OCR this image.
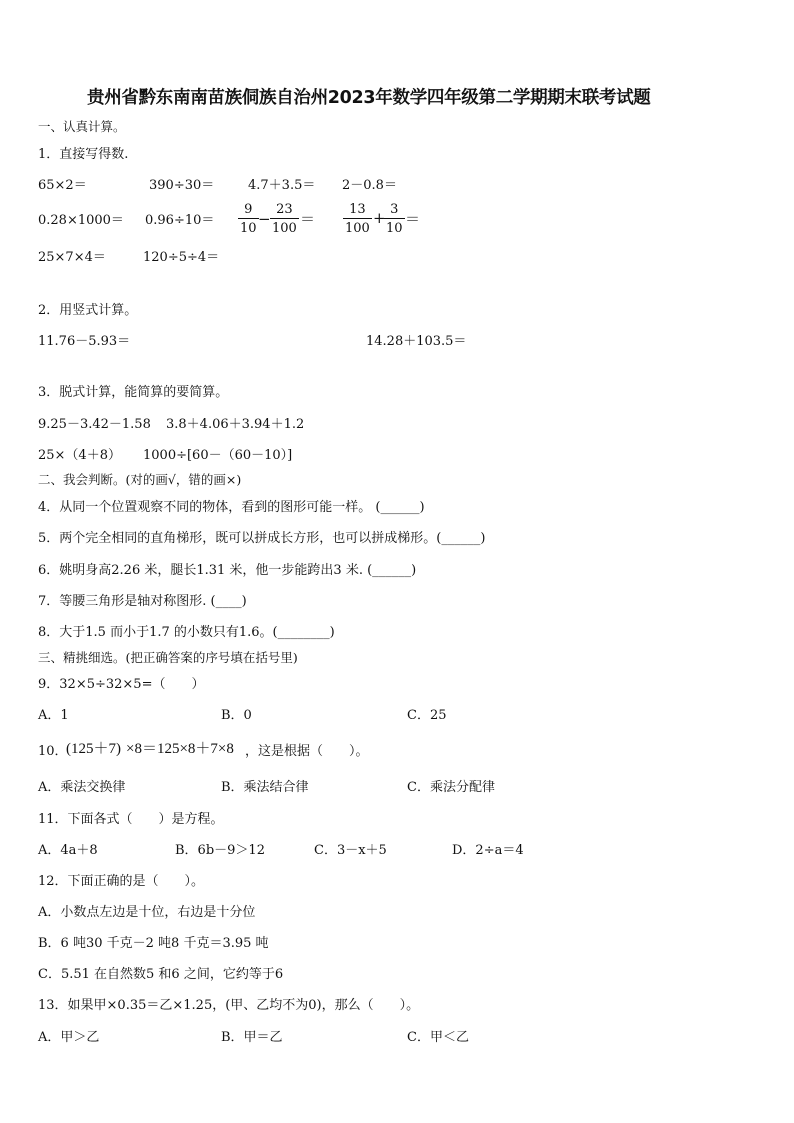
贵州省黔东南南苗族侗族自治州2023年数学四年级第二学期期末联考试题
一、认真计算。
1．直接写得数.
65×2＝	390÷30＝	4.7＋3.5＝ 2－0.8＝
$0.28\times 1000= 0.96\div 10= \frac{9}{10} - \frac{23}{100} = \frac{13}{100}$ +
$\frac{3}{10}$ ＝
25×7×4＝	120÷5÷4＝
2．用竖式计算。
11.76－5.93＝	14.28＋103.5＝
3．脱式计算，能简算的要简算。
9.25－3.42－1.58 3.8＋4.06＋3.94＋1.2
25×（4＋8） 1000÷[60－（60－10）]
二、我会判断。(对的画√，错的画×)
4．从同一个位置观察不同的物体，看到的图形可能一样。 (______)
5．两个完全相同的直角梯形，既可以拼成长方形，也可以拼成梯形。(______)
6．姚明身高2.26 米，腿长1.31 米，他一步能跨出3 米. (______)
7．等腰三角形是轴对称图形. (____)
8．大于1.5 而小于1.7 的小数只有1.6。(________)
三、精挑细选。(把正确答案的序号填在括号里)
9．32×5÷32×5=（　　）
A．1	B．0	C．25
10．
(125＋7) ×8＝125×8＋7×8 ，这是根据（　　）。
A．乘法交换律	B．乘法结合律	C．乘法分配律
11．下面各式（　　）是方程。
A．4a＋8	B．6b－9＞12	C．3－x＋5	D．2÷a＝4
12．下面正确的是（　　）。
A．小数点左边是十位，右边是十分位
B．6 吨30 千克－2 吨8 千克＝3.95 吨
C．5.51 在自然数5 和6 之间，它约等于6
13．如果甲×0.35＝乙×1.25，(甲、乙均不为0)，那么（　　）。
A．甲＞乙	B．甲＝乙	C．甲＜乙
